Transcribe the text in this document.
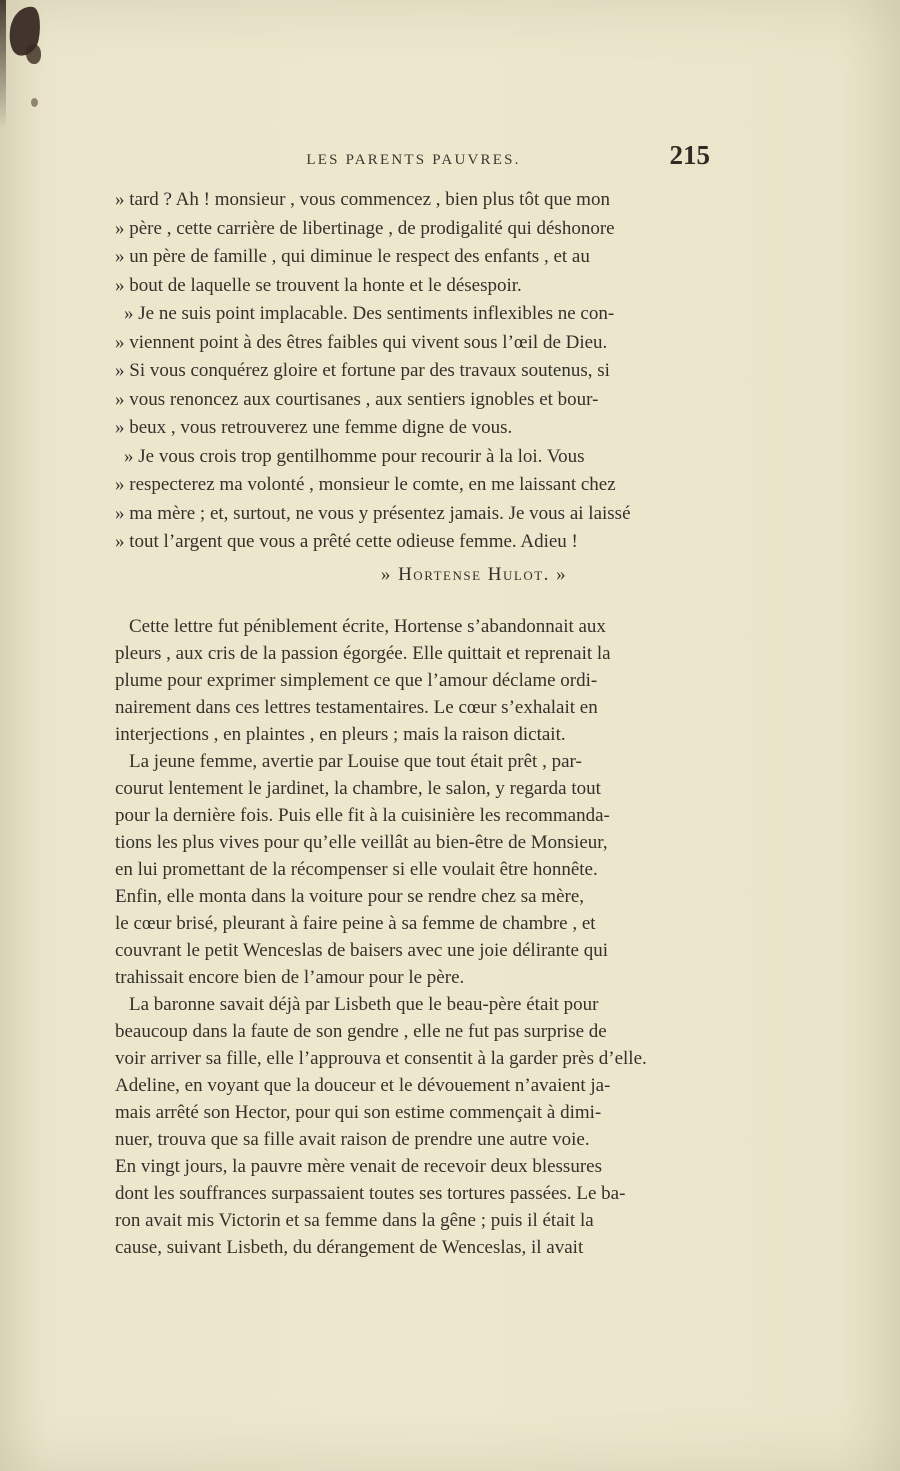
LES PARENTS PAUVRES.	215
» tard ? Ah ! monsieur , vous commencez , bien plus tôt que mon
» père , cette carrière de libertinage , de prodigalité qui déshonore
» un père de famille , qui diminue le respect des enfants , et au
» bout de laquelle se trouvent la honte et le désespoir.
» Je ne suis point implacable. Des sentiments inflexibles ne con-
» viennent point à des êtres faibles qui vivent sous l’œil de Dieu.
» Si vous conquérez gloire et fortune par des travaux soutenus, si
» vous renoncez aux courtisanes , aux sentiers ignobles et bour-
» beux , vous retrouverez une femme digne de vous.
» Je vous crois trop gentilhomme pour recourir à la loi. Vous
» respecterez ma volonté , monsieur le comte, en me laissant chez
» ma mère ; et, surtout, ne vous y présentez jamais. Je vous ai laissé
» tout l’argent que vous a prêté cette odieuse femme. Adieu !
» Hortense Hulot. »
Cette lettre fut péniblement écrite, Hortense s’abandonnait aux
pleurs , aux cris de la passion égorgée. Elle quittait et reprenait la
plume pour exprimer simplement ce que l’amour déclame ordi-
nairement dans ces lettres testamentaires. Le cœur s’exhalait en
interjections , en plaintes , en pleurs ; mais la raison dictait.
La jeune femme, avertie par Louise que tout était prêt , par-
courut lentement le jardinet, la chambre, le salon, y regarda tout
pour la dernière fois. Puis elle fit à la cuisinière les recommanda-
tions les plus vives pour qu’elle veillât au bien-être de Monsieur,
en lui promettant de la récompenser si elle voulait être honnête.
Enfin, elle monta dans la voiture pour se rendre chez sa mère,
le cœur brisé, pleurant à faire peine à sa femme de chambre , et
couvrant le petit Wenceslas de baisers avec une joie délirante qui
trahissait encore bien de l’amour pour le père.
La baronne savait déjà par Lisbeth que le beau-père était pour
beaucoup dans la faute de son gendre , elle ne fut pas surprise de
voir arriver sa fille, elle l’approuva et consentit à la garder près d’elle.
Adeline, en voyant que la douceur et le dévouement n’avaient ja-
mais arrêté son Hector, pour qui son estime commençait à dimi-
nuer, trouva que sa fille avait raison de prendre une autre voie.
En vingt jours, la pauvre mère venait de recevoir deux blessures
dont les souffrances surpassaient toutes ses tortures passées. Le ba-
ron avait mis Victorin et sa femme dans la gêne ; puis il était la
cause, suivant Lisbeth, du dérangement de Wenceslas, il avait
